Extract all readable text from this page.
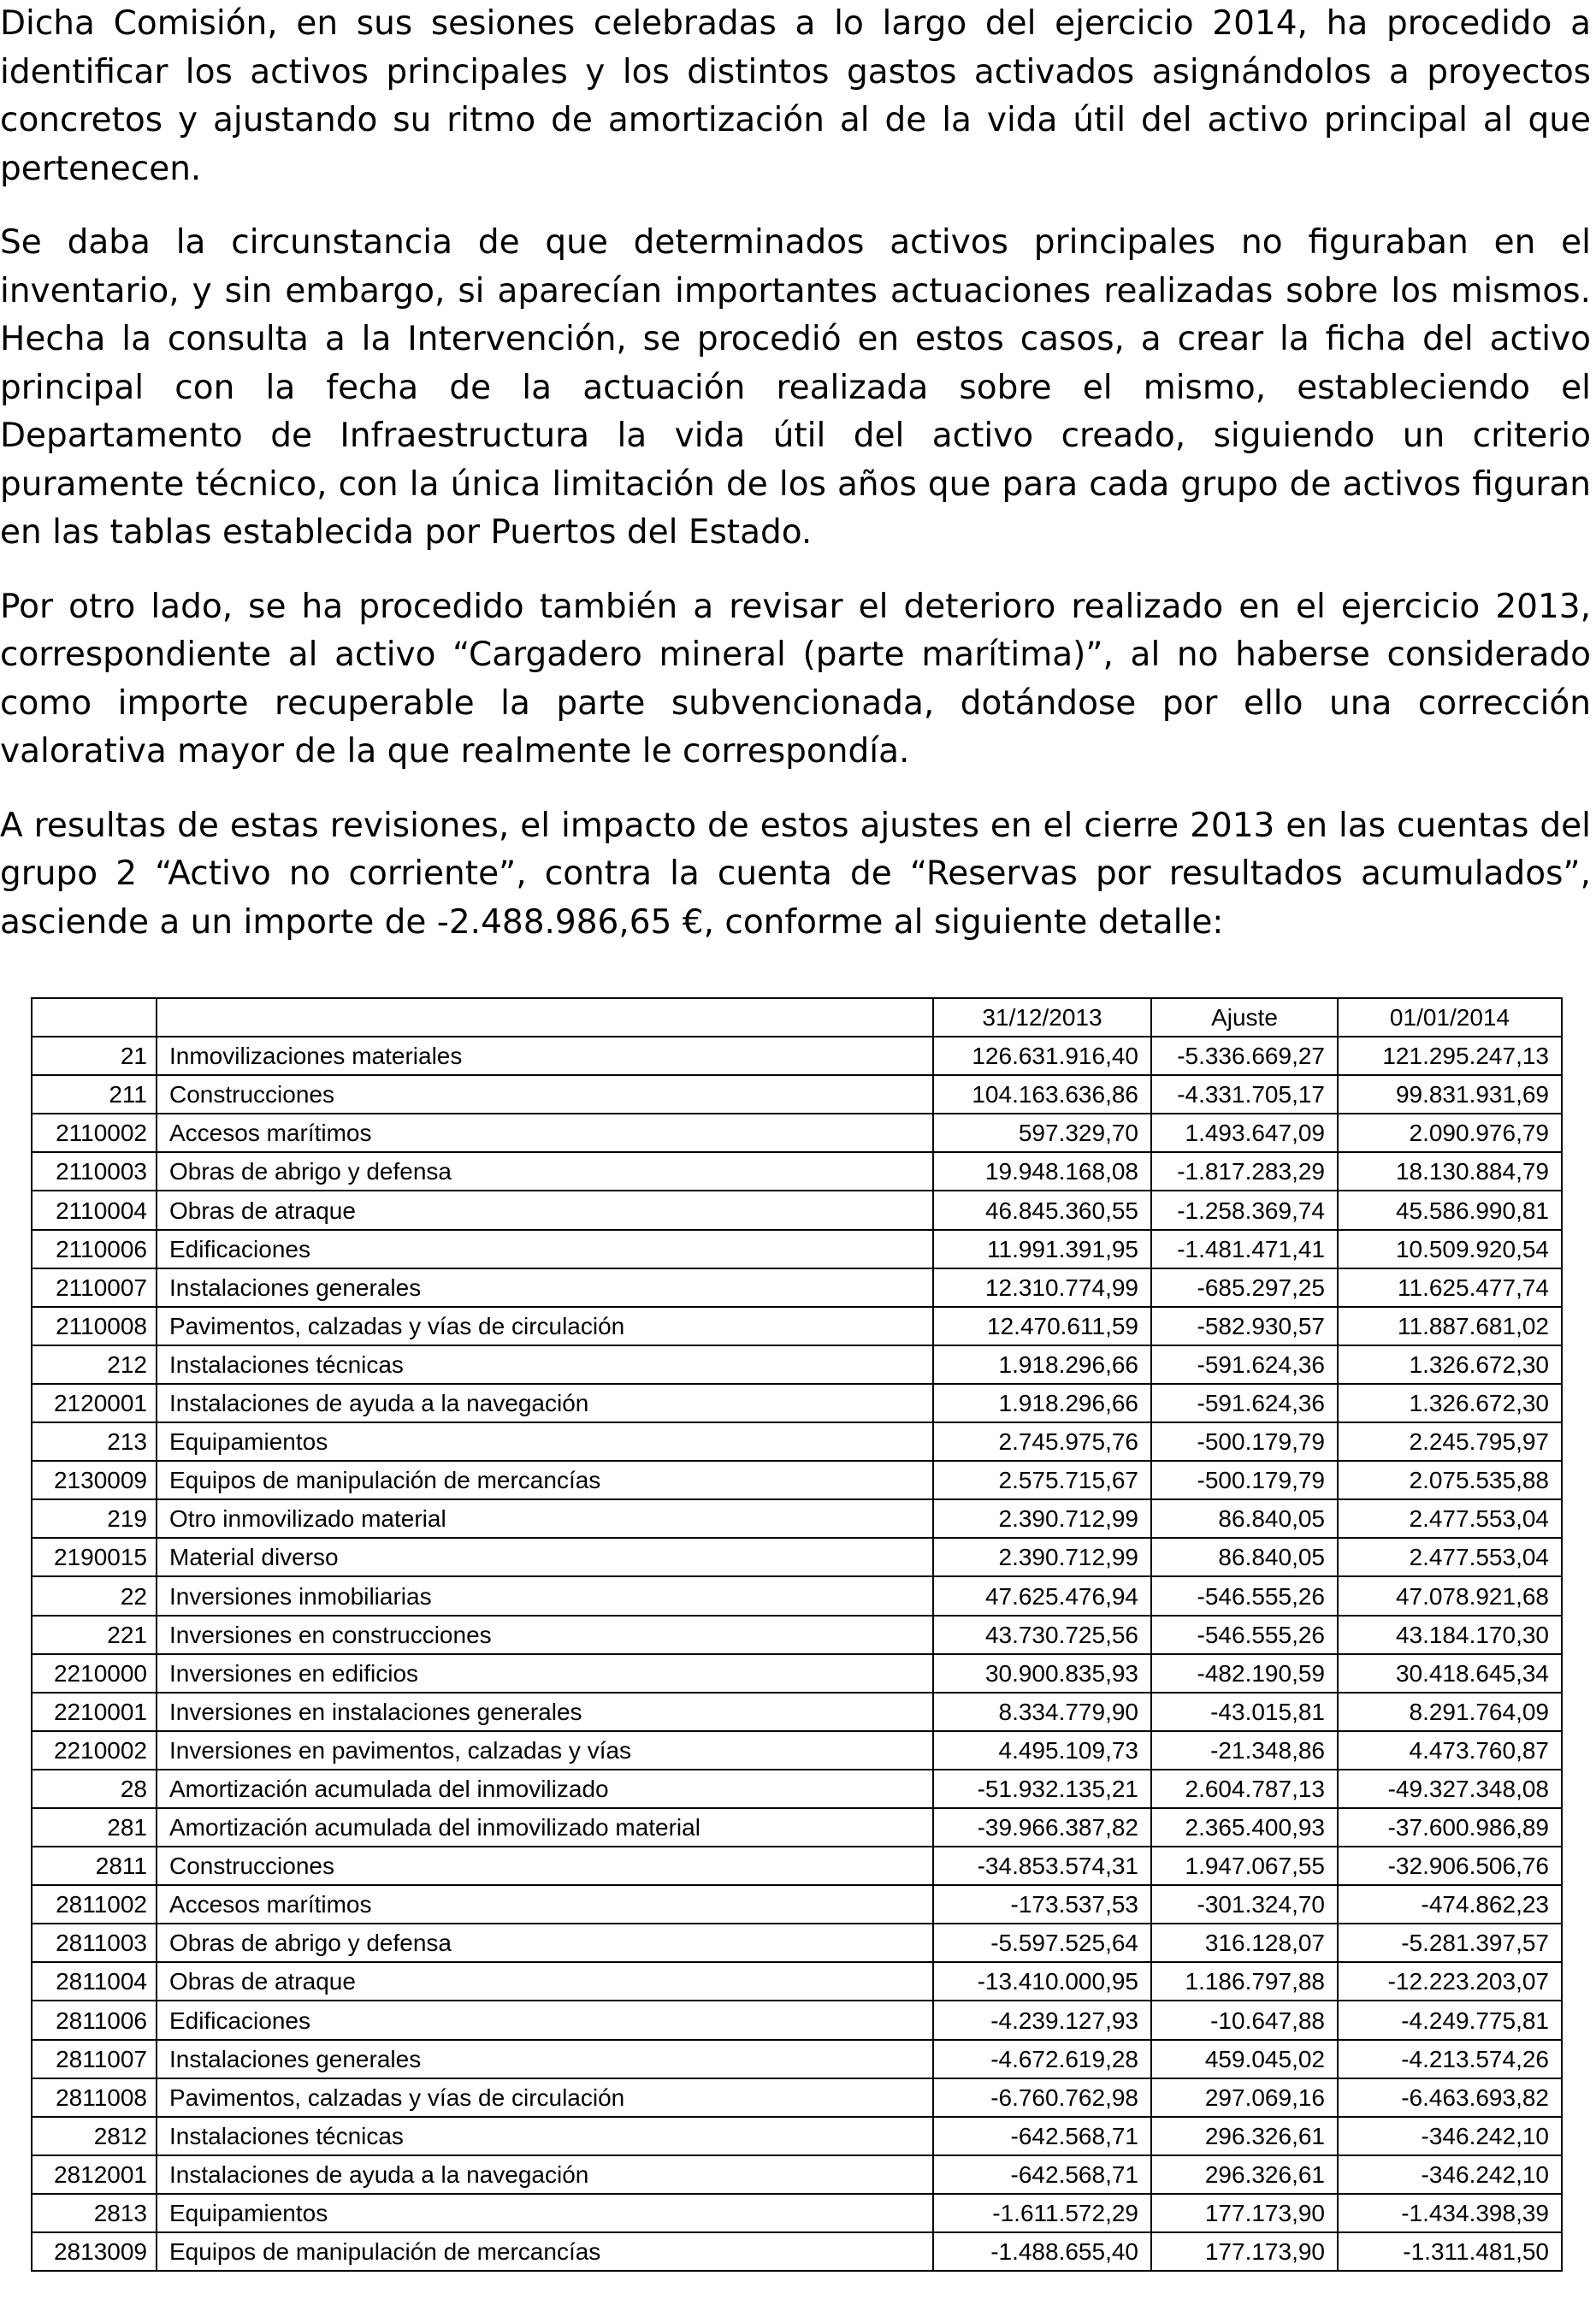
Dicha Comisión, en sus sesiones celebradas a lo largo del ejercicio 2014, ha procedido a identificar los activos principales y los distintos gastos activados asignándolos a proyectos concretos y ajustando su ritmo de amortización al de la vida útil del activo principal al que pertenecen.

Se daba la circunstancia de que determinados activos principales no figuraban en el inventario, y sin embargo, si aparecían importantes actuaciones realizadas sobre los mismos. Hecha la consulta a la Intervención, se procedió en estos casos, a crear la ficha del activo principal con la fecha de la actuación realizada sobre el mismo, estableciendo el Departamento de Infraestructura la vida útil del activo creado, siguiendo un criterio puramente técnico, con la única limitación de los años que para cada grupo de activos figuran en las tablas establecida por Puertos del Estado.

Por otro lado, se ha procedido también a revisar el deterioro realizado en el ejercicio 2013, correspondiente al activo “Cargadero mineral (parte marítima)”, al no haberse considerado como importe recuperable la parte subvencionada, dotándose por ello una corrección valorativa mayor de la que realmente le correspondía.

A resultas de estas revisiones, el impacto de estos ajustes en el cierre 2013 en las cuentas del grupo 2 “Activo no corriente”, contra la cuenta de “Reservas por resultados acumulados”, asciende a un importe de -2.488.986,65 €, conforme al siguiente detalle:

		31/12/2013	Ajuste	01/01/2014
21	Inmovilizaciones materiales	126.631.916,40	-5.336.669,27	121.295.247,13
211	Construcciones	104.163.636,86	-4.331.705,17	99.831.931,69
2110002	Accesos marítimos	597.329,70	1.493.647,09	2.090.976,79
2110003	Obras de abrigo y defensa	19.948.168,08	-1.817.283,29	18.130.884,79
2110004	Obras de atraque	46.845.360,55	-1.258.369,74	45.586.990,81
2110006	Edificaciones	11.991.391,95	-1.481.471,41	10.509.920,54
2110007	Instalaciones generales	12.310.774,99	-685.297,25	11.625.477,74
2110008	Pavimentos, calzadas y vías de circulación	12.470.611,59	-582.930,57	11.887.681,02
212	Instalaciones técnicas	1.918.296,66	-591.624,36	1.326.672,30
2120001	Instalaciones de ayuda a la navegación	1.918.296,66	-591.624,36	1.326.672,30
213	Equipamientos	2.745.975,76	-500.179,79	2.245.795,97
2130009	Equipos de manipulación de mercancías	2.575.715,67	-500.179,79	2.075.535,88
219	Otro inmovilizado material	2.390.712,99	86.840,05	2.477.553,04
2190015	Material diverso	2.390.712,99	86.840,05	2.477.553,04
22	Inversiones inmobiliarias	47.625.476,94	-546.555,26	47.078.921,68
221	Inversiones en construcciones	43.730.725,56	-546.555,26	43.184.170,30
2210000	Inversiones en edificios	30.900.835,93	-482.190,59	30.418.645,34
2210001	Inversiones en instalaciones generales	8.334.779,90	-43.015,81	8.291.764,09
2210002	Inversiones en pavimentos, calzadas y vías	4.495.109,73	-21.348,86	4.473.760,87
28	Amortización acumulada del inmovilizado	-51.932.135,21	2.604.787,13	-49.327.348,08
281	Amortización acumulada del inmovilizado material	-39.966.387,82	2.365.400,93	-37.600.986,89
2811	Construcciones	-34.853.574,31	1.947.067,55	-32.906.506,76
2811002	Accesos marítimos	-173.537,53	-301.324,70	-474.862,23
2811003	Obras de abrigo y defensa	-5.597.525,64	316.128,07	-5.281.397,57
2811004	Obras de atraque	-13.410.000,95	1.186.797,88	-12.223.203,07
2811006	Edificaciones	-4.239.127,93	-10.647,88	-4.249.775,81
2811007	Instalaciones generales	-4.672.619,28	459.045,02	-4.213.574,26
2811008	Pavimentos, calzadas y vías de circulación	-6.760.762,98	297.069,16	-6.463.693,82
2812	Instalaciones técnicas	-642.568,71	296.326,61	-346.242,10
2812001	Instalaciones de ayuda a la navegación	-642.568,71	296.326,61	-346.242,10
2813	Equipamientos	-1.611.572,29	177.173,90	-1.434.398,39
2813009	Equipos de manipulación de mercancías	-1.488.655,40	177.173,90	-1.311.481,50
